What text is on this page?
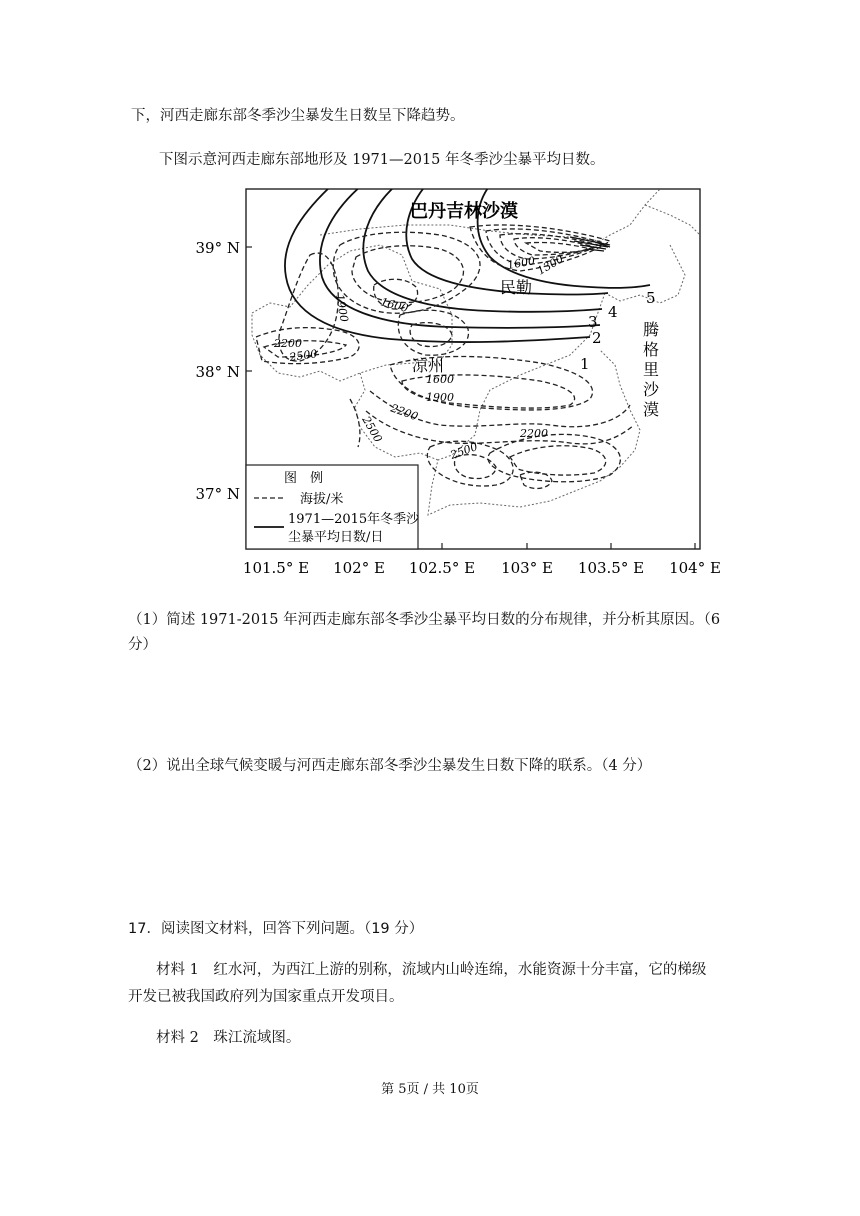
下，河西走廊东部冬季沙尘暴发生日数呈下降趋势。
下图示意河西走廊东部地形及 1971—2015 年冬季沙尘暴平均日数。
39° N
38° N
37° N
101.5° E 102° E 102.5° E 103° E 103.5° E 104° E
巴丹吉林沙漠
民勤
凉州
腾
格
里
沙
漠
腾格里沙漠
1
2
3
4
5
1600
1300
1900	1600
2200
2500
1600
1900
2200
2500	2200
2500
图　例
海拔/米
1971—2015年冬季沙
尘暴平均日数/日
（1）简述 1971-2015 年河西走廊东部冬季沙尘暴平均日数的分布规律，并分析其原因。（6
分）
（2）说出全球气候变暖与河西走廊东部冬季沙尘暴发生日数下降的联系。（4 分）
17．阅读图文材料，回答下列问题。（19 分）
材料 1　红水河，为西江上游的别称，流域内山岭连绵，水能资源十分丰富，它的梯级
开发已被我国政府列为国家重点开发项目。
材料 2　珠江流域图。
第 5页 / 共 10页
